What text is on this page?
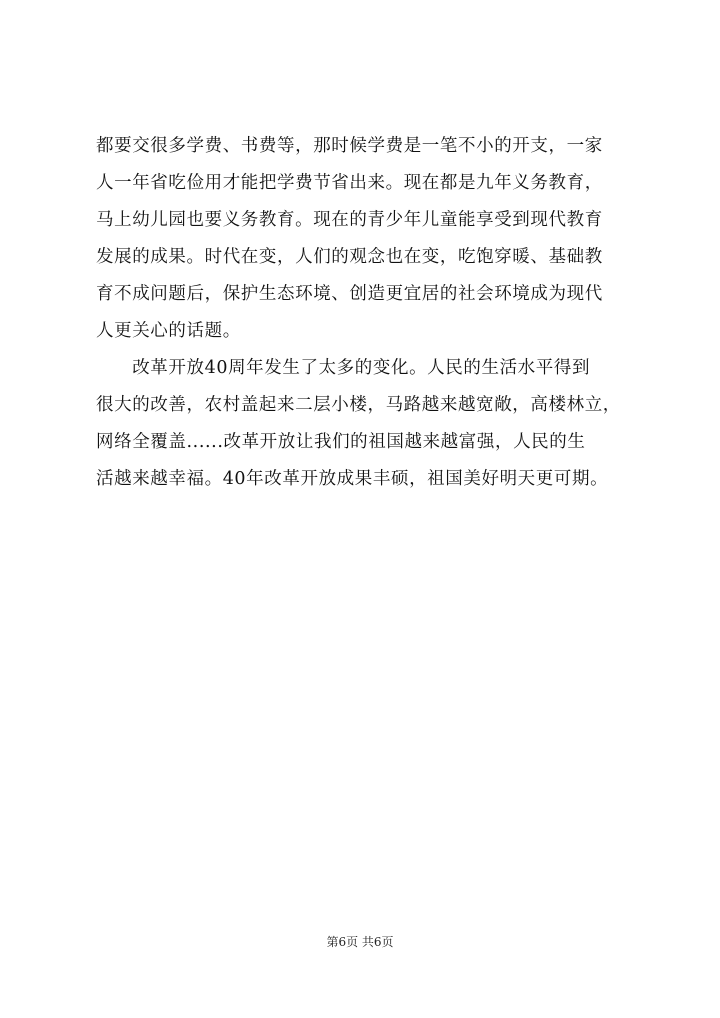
都要交很多学费、书费等，那时候学费是一笔不小的开支，一家
人一年省吃俭用才能把学费节省出来。现在都是九年义务教育，
马上幼儿园也要义务教育。现在的青少年儿童能享受到现代教育
发展的成果。时代在变，人们的观念也在变，吃饱穿暖、基础教
育不成问题后，保护生态环境、创造更宜居的社会环境成为现代
人更关心的话题。
　　改革开放40周年发生了太多的变化。人民的生活水平得到
很大的改善，农村盖起来二层小楼，马路越来越宽敞，高楼林立，
网络全覆盖......改革开放让我们的祖国越来越富强，人民的生
活越来越幸福。40年改革开放成果丰硕，祖国美好明天更可期。
第6页 共6页
